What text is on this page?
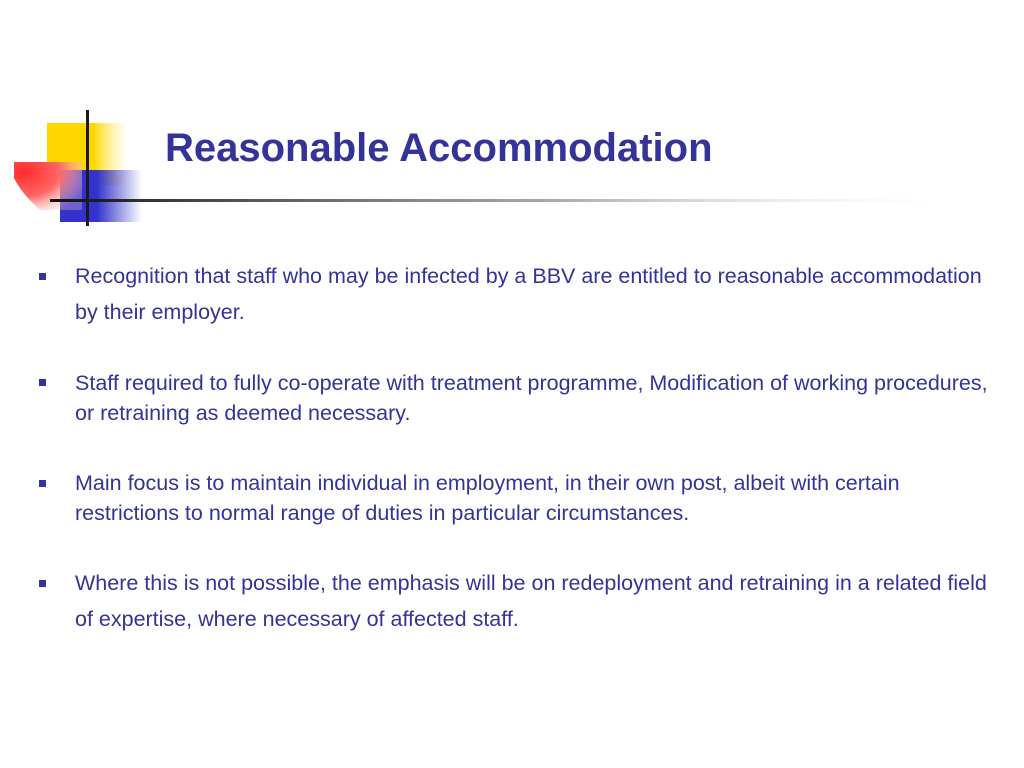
Reasonable Accommodation
Recognition that staff who may be infected by a BBV are entitled to reasonable accommodation by their employer.
Staff required to fully co-operate with treatment programme, Modification of working procedures, or retraining as deemed necessary.
Main focus is to maintain individual in employment, in their own post, albeit with certain restrictions to normal range of duties in particular circumstances.
Where this is not possible, the emphasis will be on redeployment and retraining in a related field of expertise, where necessary of affected staff.
